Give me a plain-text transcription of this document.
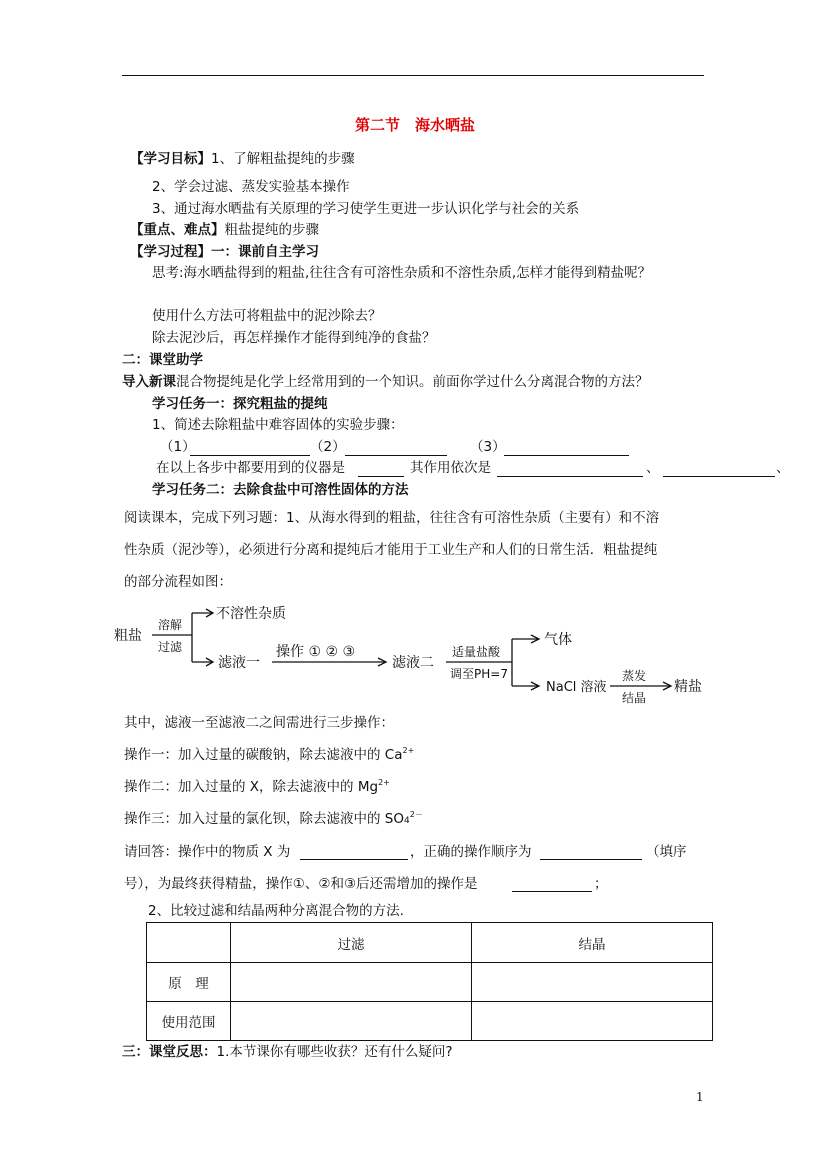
第二节　海水晒盐
【学习目标】1、了解粗盐提纯的步骤
2、学会过滤、蒸发实验基本操作
3、通过海水晒盐有关原理的学习使学生更进一步认识化学与社会的关系
【重点、难点】粗盐提纯的步骤
【学习过程】一：课前自主学习
思考:海水晒盐得到的粗盐,往往含有可溶性杂质和不溶性杂质,怎样才能得到精盐呢？
使用什么方法可将粗盐中的泥沙除去？
除去泥沙后，再怎样操作才能得到纯净的食盐？
二：课堂助学
导入新课混合物提纯是化学上经常用到的一个知识。前面你学过什么分离混合物的方法？
学习任务一：探究粗盐的提纯
1、简述去除粗盐中难容固体的实验步骤：
（1）	（2）	（3）
在以上各步中都要用到的仪器是	其作用依次是	、	、
学习任务二：去除食盐中可溶性固体的方法
阅读课本，完成下列习题：1、从海水得到的粗盐，往往含有可溶性杂质（主要有）和不溶
性杂质（泥沙等），必须进行分离和提纯后才能用于工业生产和人们的日常生活．粗盐提纯
的部分流程如图：
粗盐
溶解
过滤
不溶性杂质
滤液一
操作 ① ② ③
滤液二
适量盐酸
调至PH=7
气体
NaCl 溶液
蒸发
结晶
精盐
其中，滤液一至滤液二之间需进行三步操作：
操作一：加入过量的碳酸钠，除去滤液中的 $Ca^{2+}$
操作二：加入过量的 X，除去滤液中的 $Mg^{2+}$
操作三：加入过量的氯化钡，除去滤液中的 $SO4^{2-}$
请回答：操作中的物质 X 为	，正确的操作顺序为	（填序
号），为最终获得精盐，操作①、②和③后还需增加的操作是	；
2、比较过滤和结晶两种分离混合物的方法.
	过滤	结晶
原　理		
使用范围		
三：课堂反思：1.本节课你有哪些收获？还有什么疑问?
1
